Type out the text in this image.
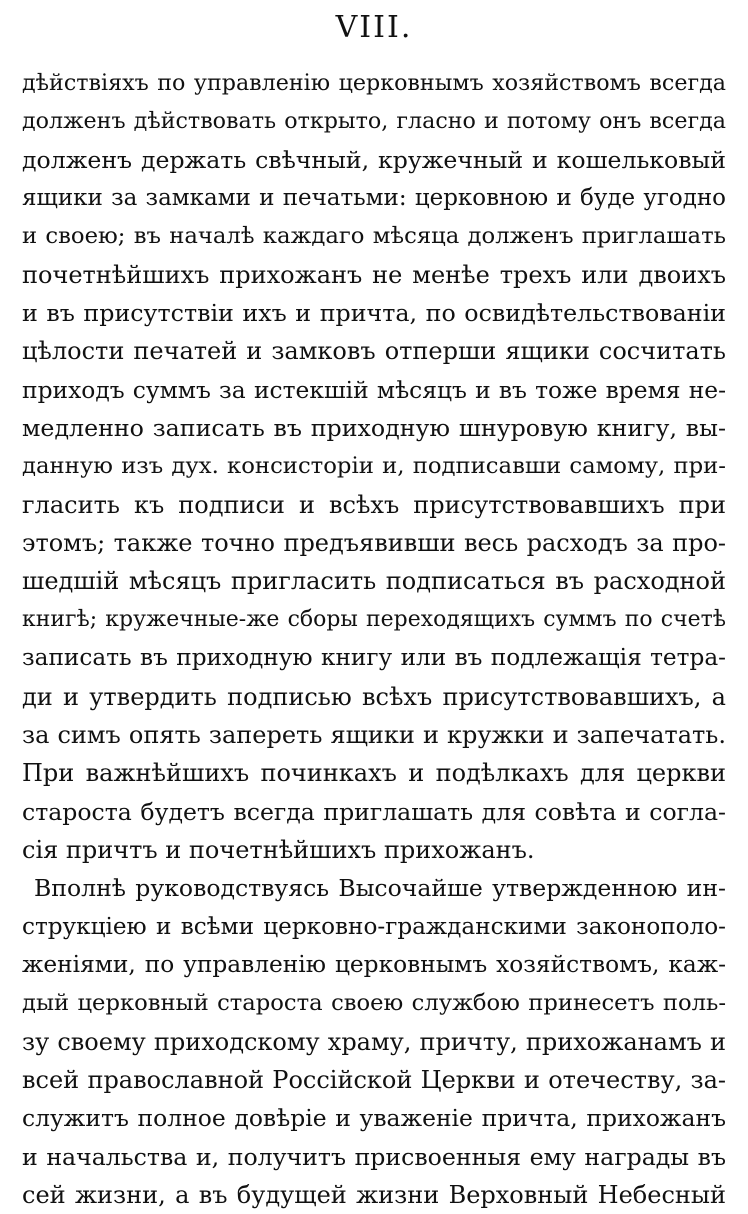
VIII.
дѣйствіяхъ по управленію церковнымъ хозяйствомъ всегда
долженъ дѣйствовать открыто, гласно и потому онъ всегда
долженъ держать свѣчный, кружечный и кошельковый
ящики за замками и печатьми: церковною и буде угодно
и своею; въ началѣ каждаго мѣсяца долженъ приглашать
почетнѣйшихъ прихожанъ не менѣе трехъ или двоихъ
и въ присутствіи ихъ и причта, по освидѣтельствованіи
цѣлости печатей и замковъ отперши ящики сосчитать
приходъ суммъ за истекшій мѣсяцъ и въ тоже время не-
медленно записать въ приходную шнуровую книгу, вы-
данную изъ дух. консисторіи и, подписавши самому, при-
гласить къ подписи и всѣхъ присутствовавшихъ при
этомъ; также точно предъявивши весь расходъ за про-
шедшій мѣсяцъ пригласить подписаться въ расходной
книгѣ; кружечные-же сборы переходящихъ суммъ по счетѣ
записать въ приходную книгу или въ подлежащія тетра-
ди и утвердить подписью всѣхъ присутствовавшихъ, а
за симъ опять запереть ящики и кружки и запечатать.
При важнѣйшихъ починкахъ и подѣлкахъ для церкви
староста будетъ всегда приглашать для совѣта и согла-
сія причтъ и почетнѣйшихъ прихожанъ.
Вполнѣ руководствуясь Высочайше утвержденною ин-
струкціею и всѣми церковно-гражданскими законополо-
женіями, по управленію церковнымъ хозяйствомъ, каж-
дый церковный староста своею службою принесетъ поль-
зу своему приходскому храму, причту, прихожанамъ и
всей православной Россійской Церкви и отечеству, за-
служитъ полное довѣріе и уваженіе причта, прихожанъ
и начальства и, получитъ присвоенныя ему награды въ
сей жизни, а въ будущей жизни Верховный Небесный
